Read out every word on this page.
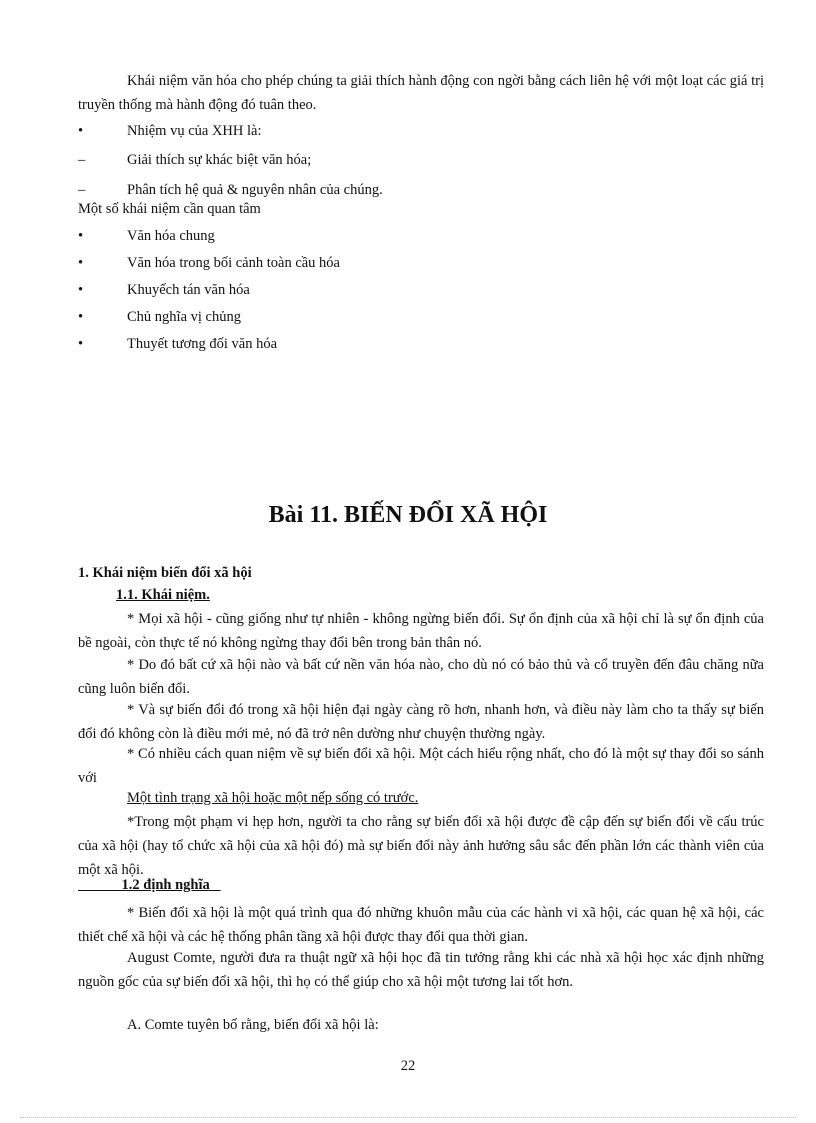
Khái niệm văn hóa cho phép chúng ta giải thích hành động con ngời bằng cách liên hệ với một loạt các giá trị truyền thống mà hành động đó tuân theo.
•	Nhiệm vụ của XHH là:
–	Giải thích sự khác biệt văn hóa;
–	Phân tích hệ quả & nguyên nhân của chúng.
Một số khái niệm cần quan tâm
•	Văn hóa chung
•	Văn hóa trong bối cảnh toàn cầu hóa
•	Khuyếch tán văn hóa
•	Chủ nghĩa vị chủng
•	Thuyết tương đối văn hóa
Bài 11. BIẾN ĐỔI XÃ HỘI
1. Khái niệm biến đổi xã hội
1.1. Khái niệm.
* Mọi xã hội - cũng giống như tự nhiên - không ngừng biến đổi. Sự ổn định của xã hội chỉ là sự ổn định của bề ngoài, còn thực tế nó không ngừng thay đổi bên trong bản thân nó.
* Do đó bất cứ xã hội nào và bất cứ nền văn hóa nào, cho dù nó có bảo thủ và cổ truyền đến đâu chăng nữa cũng luôn biến đổi.
* Và sự biến đổi đó trong xã hội hiện đại ngày càng rõ hơn, nhanh hơn, và điều này làm cho ta thấy sự biến đổi đó không còn là điều mới mẻ, nó đã trở nên dường như chuyện thường ngày.
* Có nhiều cách quan niệm về sự biến đổi xã hội. Một cách hiểu rộng nhất, cho đó là một sự thay đổi so sánh với
Một tình trạng xã hội hoặc một nếp sống có trước.
*Trong một phạm vi hẹp hơn, người ta cho rằng sự biến đổi xã hội được đề cập đến sự biến đổi về cấu trúc của xã hội (hay tổ chức xã hội của xã hội đó) mà sự biến đổi này ảnh hưởng sâu sắc đến phần lớn các thành viên của một xã hội.
1.2 định nghĩa
* Biến đổi xã hội là một quá trình qua đó những khuôn mẫu của các hành vi xã hội, các quan hệ xã hội, các thiết chế xã hội và các hệ thống phân tầng xã hội được thay đổi qua thời gian.
August Comte, người đưa ra thuật ngữ xã hội học đã tin tưởng rằng khi các nhà xã hội học xác định những nguồn gốc của sự biến đổi xã hội, thì họ có thể giúp cho xã hội một tương lai tốt hơn.
A. Comte tuyên bố rằng, biến đổi xã hội là:
22
